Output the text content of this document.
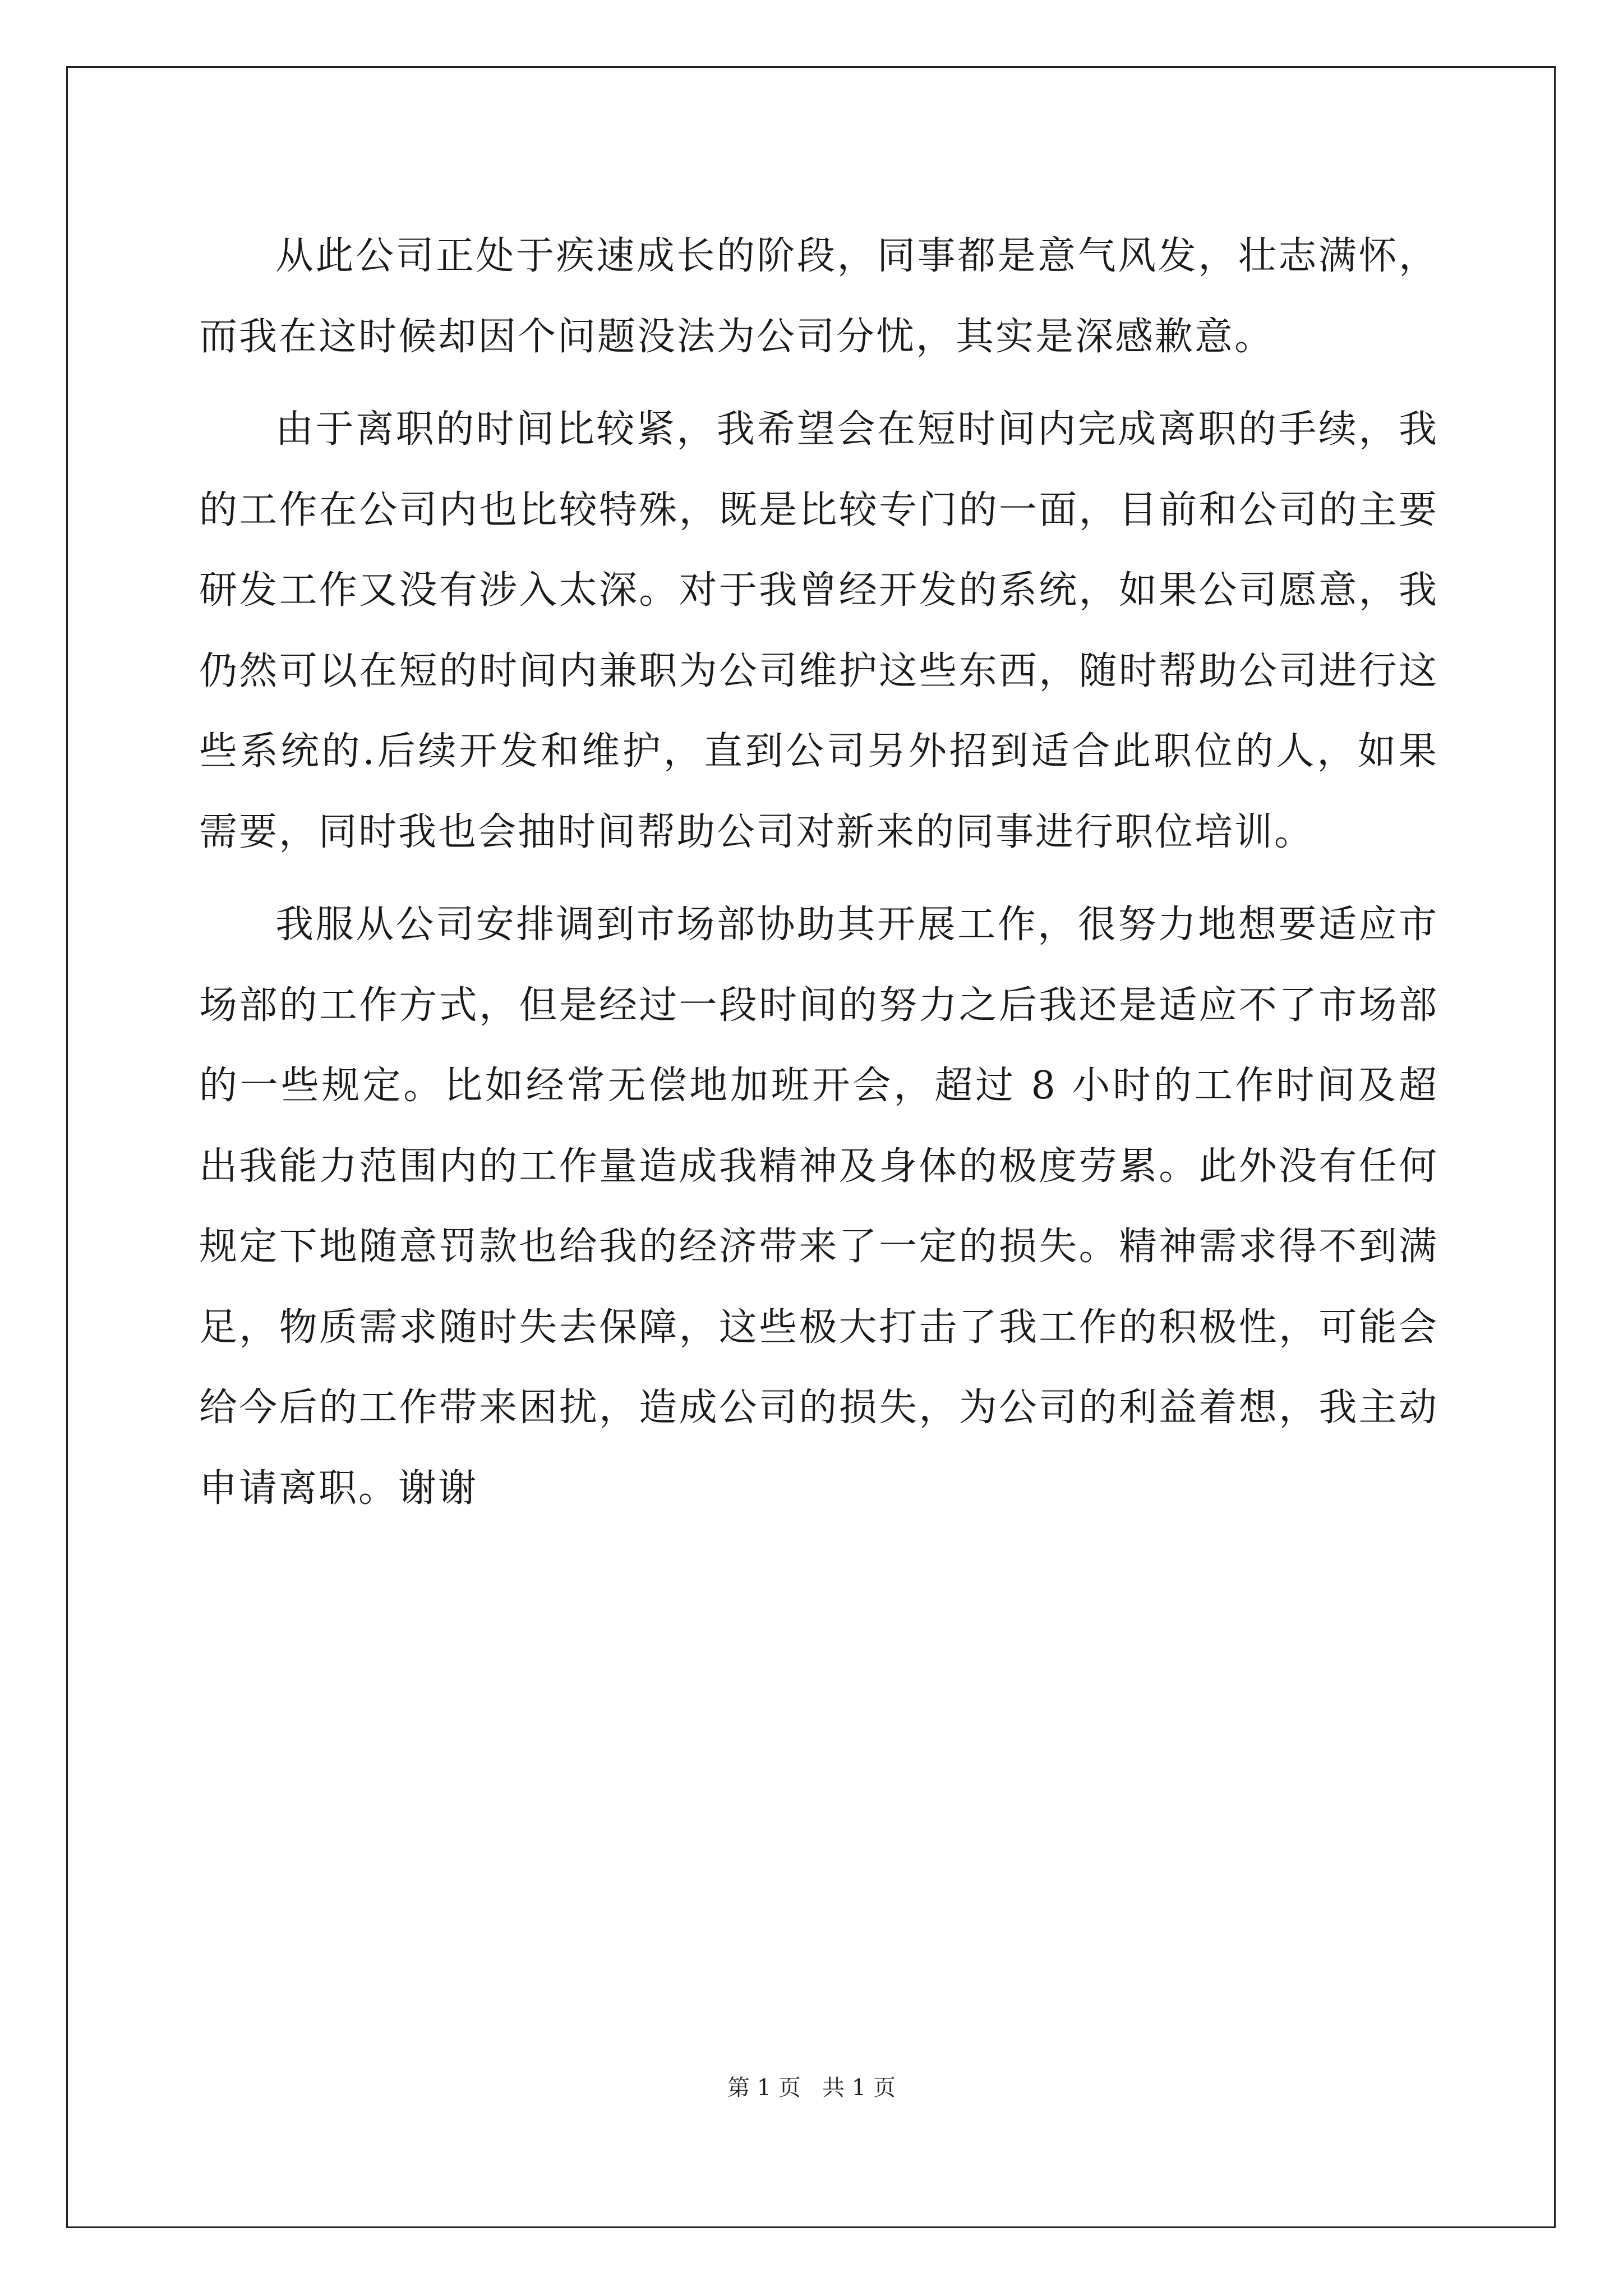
从此公司正处于疾速成长的阶段，同事都是意气风发，壮志满怀，而我在这时候却因个问题没法为公司分忧，其实是深感歉意。

由于离职的时间比较紧，我希望会在短时间内完成离职的手续，我的工作在公司内也比较特殊，既是比较专门的一面，目前和公司的主要研发工作又没有涉入太深。对于我曾经开发的系统，如果公司愿意，我仍然可以在短的时间内兼职为公司维护这些东西，随时帮助公司进行这些系统的.后续开发和维护，直到公司另外招到适合此职位的人，如果需要，同时我也会抽时间帮助公司对新来的同事进行职位培训。

我服从公司安排调到市场部协助其开展工作，很努力地想要适应市场部的工作方式，但是经过一段时间的努力之后我还是适应不了市场部的一些规定。比如经常无偿地加班开会，超过 8 小时的工作时间及超出我能力范围内的工作量造成我精神及身体的极度劳累。此外没有任何规定下地随意罚款也给我的经济带来了一定的损失。精神需求得不到满足，物质需求随时失去保障，这些极大打击了我工作的积极性，可能会给今后的工作带来困扰，造成公司的损失，为公司的利益着想，我主动申请离职。谢谢

第 1 页   共 1 页
